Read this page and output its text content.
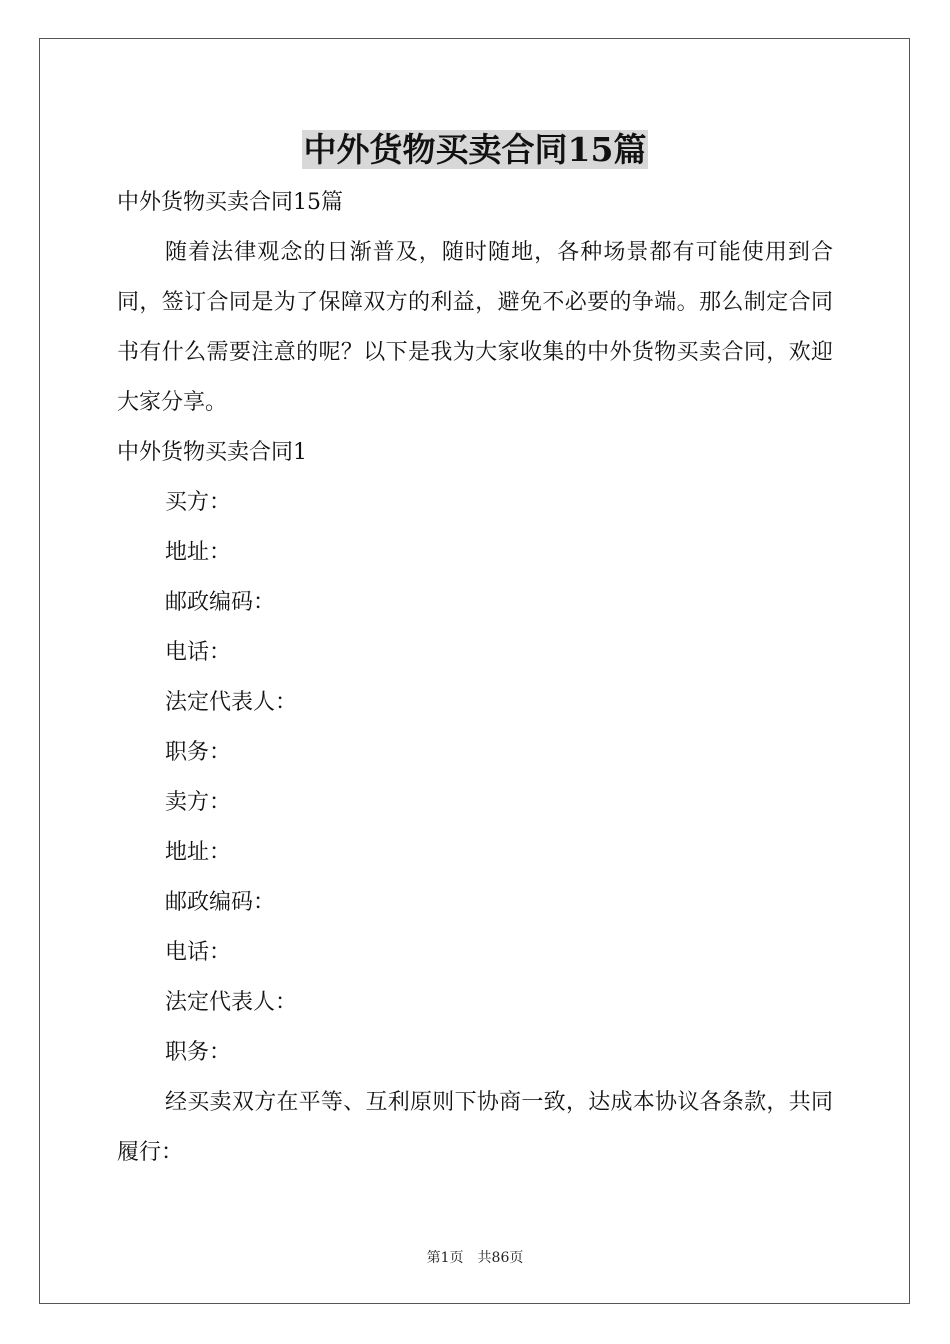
中外货物买卖合同15篇

中外货物买卖合同15篇

随着法律观念的日渐普及，随时随地，各种场景都有可能使用到合同，签订合同是为了保障双方的利益，避免不必要的争端。那么制定合同书有什么需要注意的呢？以下是我为大家收集的中外货物买卖合同，欢迎大家分享。

中外货物买卖合同1

买方：

地址：

邮政编码：

电话：

法定代表人：

职务：

卖方：

地址：

邮政编码：

电话：

法定代表人：

职务：

经买卖双方在平等、互利原则下协商一致，达成本协议各条款，共同履行：

第1页 共86页
